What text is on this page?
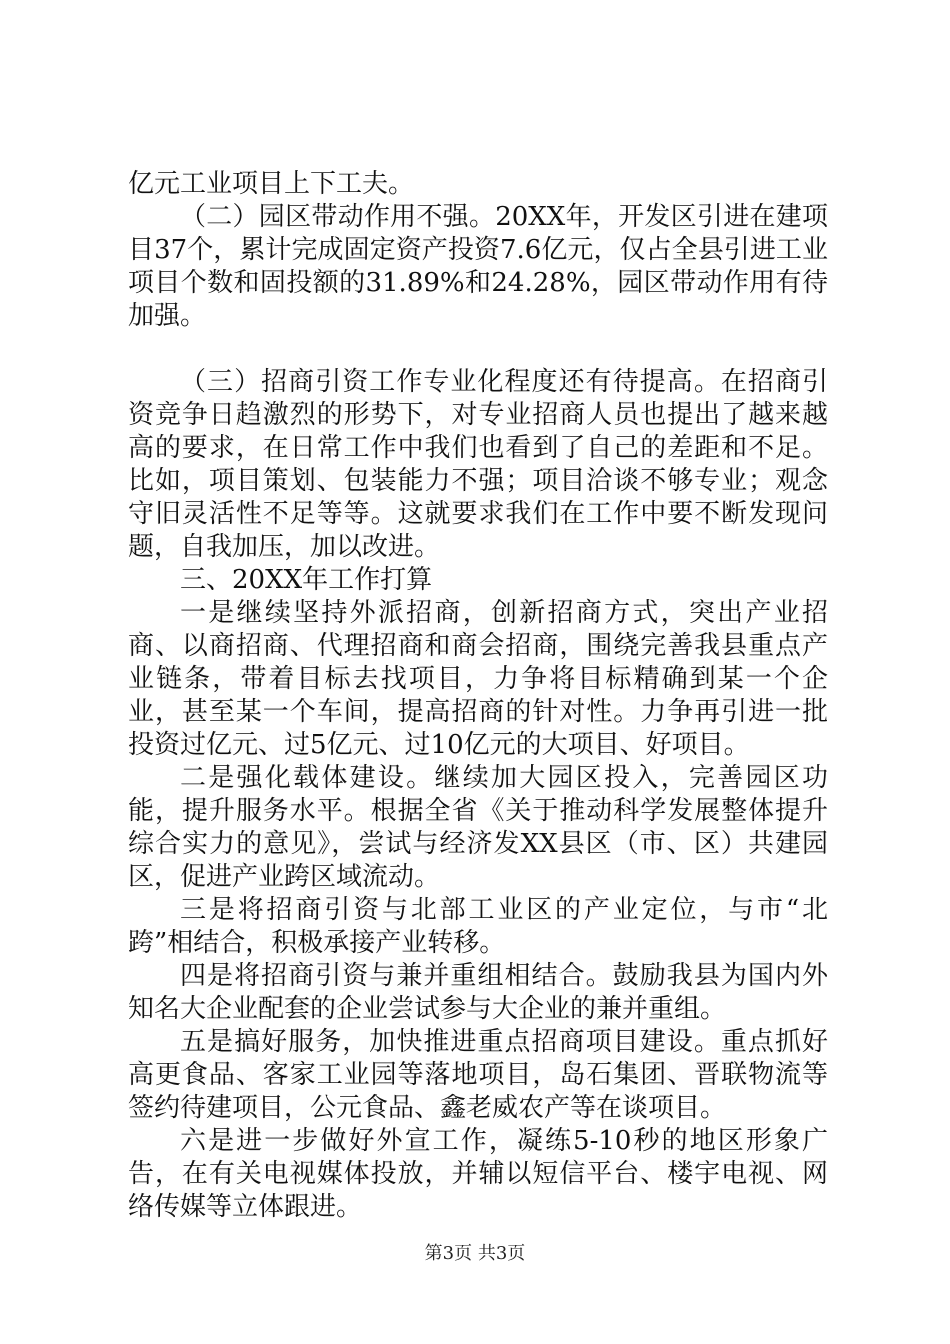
亿元工业项目上下工夫。

（二）园区带动作用不强。20XX年，开发区引进在建项目37个，累计完成固定资产投资7.6亿元，仅占全县引进工业项目个数和固投额的31.89%和24.28%，园区带动作用有待加强。

（三）招商引资工作专业化程度还有待提高。在招商引资竞争日趋激烈的形势下，对专业招商人员也提出了越来越高的要求，在日常工作中我们也看到了自己的差距和不足。比如，项目策划、包装能力不强；项目洽谈不够专业；观念守旧灵活性不足等等。这就要求我们在工作中要不断发现问题，自我加压，加以改进。

三、20XX年工作打算

一是继续坚持外派招商，创新招商方式，突出产业招商、以商招商、代理招商和商会招商，围绕完善我县重点产业链条，带着目标去找项目，力争将目标精确到某一个企业，甚至某一个车间，提高招商的针对性。力争再引进一批投资过亿元、过5亿元、过10亿元的大项目、好项目。

二是强化载体建设。继续加大园区投入，完善园区功能，提升服务水平。根据全省《关于推动科学发展整体提升综合实力的意见》，尝试与经济发XX县区（市、区）共建园区，促进产业跨区域流动。

三是将招商引资与北部工业区的产业定位，与市“北跨”相结合，积极承接产业转移。

四是将招商引资与兼并重组相结合。鼓励我县为国内外知名大企业配套的企业尝试参与大企业的兼并重组。

五是搞好服务，加快推进重点招商项目建设。重点抓好高更食品、客家工业园等落地项目，岛石集团、晋联物流等签约待建项目，公元食品、鑫老威农产等在谈项目。

六是进一步做好外宣工作，凝练5-10秒的地区形象广告，在有关电视媒体投放，并辅以短信平台、楼宇电视、网络传媒等立体跟进。

第3页 共3页
